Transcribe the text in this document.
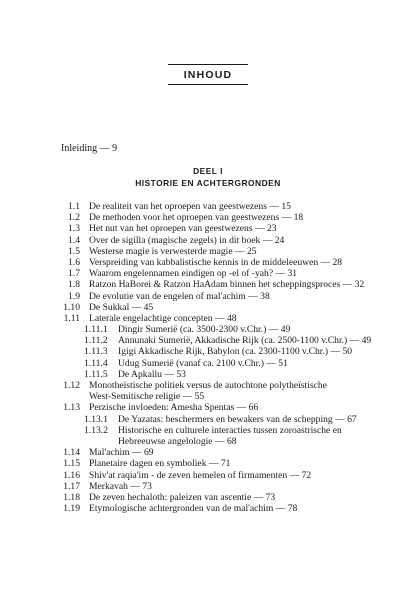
INHOUD
Inleiding — 9
DEEL I
HISTORIE EN ACHTERGRONDEN
1.1 De realiteit van het oproepen van geestwezens — 15
1.2 De methoden voor het oproepen van geestwezens — 18
1.3 Het nut van het oproepen van geestwezens — 23
1.4 Over de sigilla (magische zegels) in dit boek — 24
1.5 Westerse magie is verwesterde magie — 25
1.6 Verspreiding van kabbalistische kennis in de middeleeuwen — 28
1.7 Waarom engelennamen eindigen op -el of -yah? — 31
1.8 Ratzon HaBorei & Ratzon HaAdam binnen het scheppingsproces — 32
1.9 De evolutie van de engelen of mal'achim — 38
1.10 De Sukkal — 45
1.11 Laterale engelachtige concepten — 48
1.11.1	Dingir Sumerië (ca. 3500-2300 v.Chr.) — 49
1.11.2	Annunaki Sumerië, Akkadische Rijk (ca. 2500-1100 v.Chr.) — 49
1.11.3	Igigi Akkadische Rijk, Babylon (ca. 2300-1100 v.Chr.) — 50
1.11.4	Udug Sumerië (vanaf ca. 2100 v.Chr.) — 51
1.11.5	De Apkallu — 53
1.12 Monotheïstische politiek versus de autochtone polytheïstische
West-Semitische religie — 55
1.13 Perzische invloeden: Amesha Spentas — 66
1.13.1	De Yazatas: beschermers en bewakers van de schepping — 67
1.13.2	Historische en culturele interacties tussen zoroastrische en
Hebreeuwse angelologie — 68
1.14 Mal'achim — 69
1.15 Planetaire dagen en symboliek — 71
1.16 Shiv'at raqia'im - de zeven hemelen of firmamenten — 72
1.17 Merkavah — 73
1.18 De zeven hechaloth: paleizen van ascentie — 73
1.19 Etymologische achtergronden van de mal'achim — 78
